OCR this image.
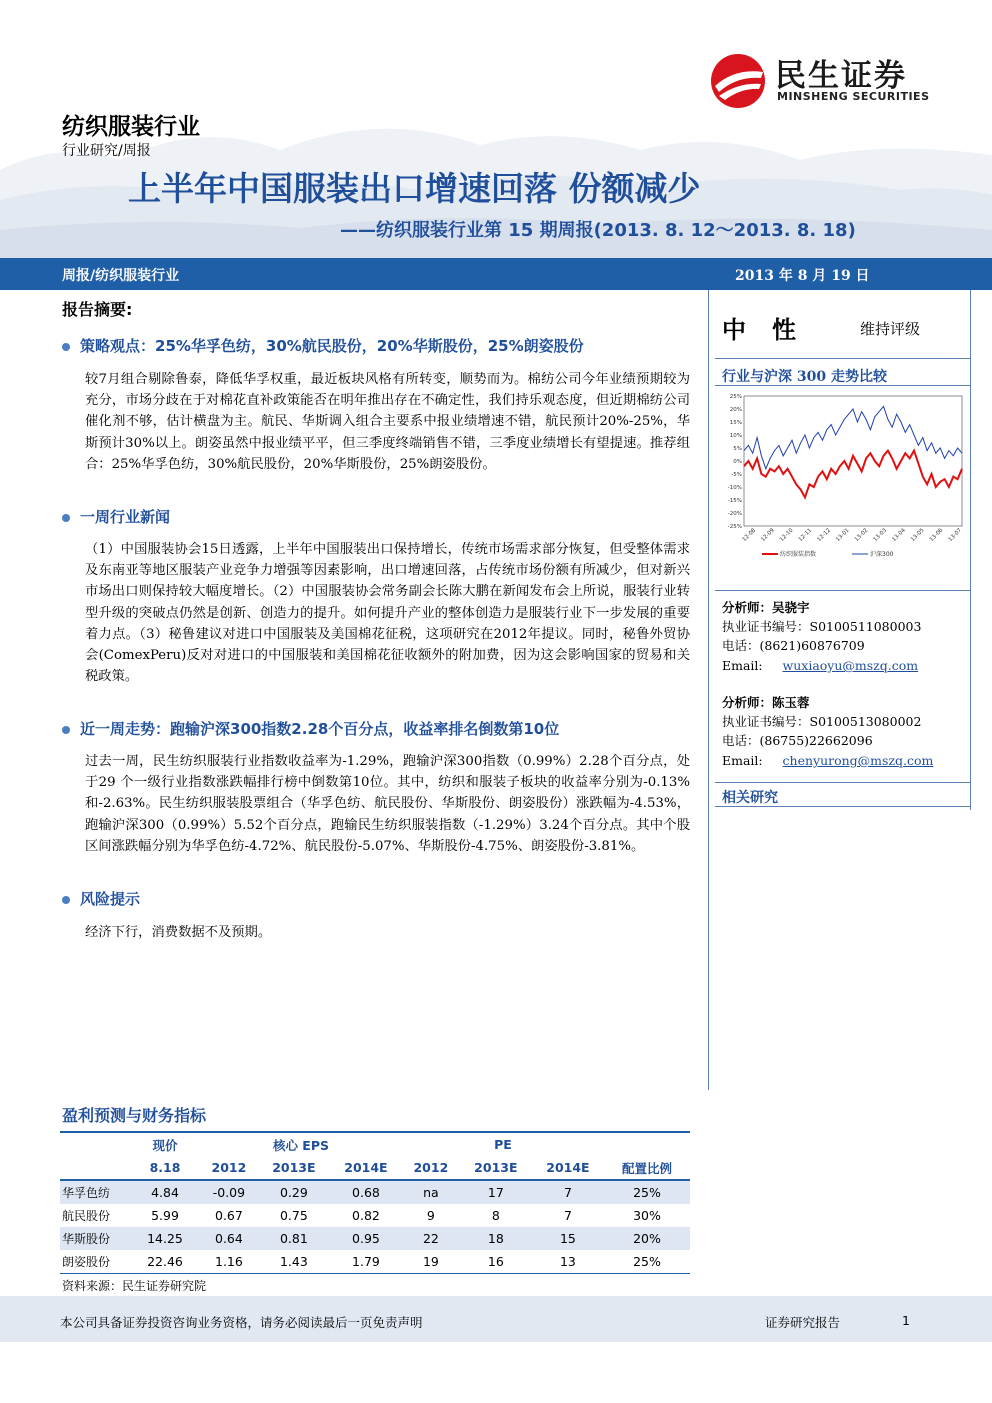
民生证券
MINSHENG SECURITIES
纺织服装行业
行业研究/周报
上半年中国服装出口增速回落 份额减少
——纺织服装行业第 15 期周报(2013. 8. 12～2013. 8. 18)
周报/纺织服装行业	2013 年 8 月 19 日
报告摘要:
策略观点：25%华孚色纺，30%航民股份，20%华斯股份，25%朗姿股份
较7月组合剔除鲁泰，降低华孚权重，最近板块风格有所转变，顺势而为。棉纺公司今年业绩预期较为充分，市场分歧在于对棉花直补政策能否在明年推出存在不确定性，我们持乐观态度，但近期棉纺公司催化剂不够，估计横盘为主。航民、华斯调入组合主要系中报业绩增速不错，航民预计20%-25%，华斯预计30%以上。朗姿虽然中报业绩平平，但三季度终端销售不错，三季度业绩增长有望提速。推荐组合：25%华孚色纺，30%航民股份，20%华斯股份，25%朗姿股份。
一周行业新闻
（1）中国服装协会15日透露，上半年中国服装出口保持增长，传统市场需求部分恢复，但受整体需求及东南亚等地区服装产业竞争力增强等因素影响，出口增速回落，占传统市场份额有所减少，但对新兴市场出口则保持较大幅度增长。（2）中国服装协会常务副会长陈大鹏在新闻发布会上所说，服装行业转型升级的突破点仍然是创新、创造力的提升。如何提升产业的整体创造力是服装行业下一步发展的重要着力点。（3）秘鲁建议对进口中国服装及美国棉花征税，这项研究在2012年提议。同时，秘鲁外贸协会(ComexPeru)反对对进口的中国服装和美国棉花征收额外的附加费，因为这会影响国家的贸易和关税政策。
近一周走势：跑输沪深300指数2.28个百分点，收益率排名倒数第10位
过去一周，民生纺织服装行业指数收益率为-1.29%，跑输沪深300指数（0.99%）2.28个百分点，处于29 个一级行业指数涨跌幅排行榜中倒数第10位。其中，纺织和服装子板块的收益率分别为-0.13%和-2.63%。民生纺织服装股票组合（华孚色纺、航民股份、华斯股份、朗姿股份）涨跌幅为-4.53%，跑输沪深300（0.99%）5.52个百分点，跑输民生纺织服装指数（-1.29%）3.24个百分点。其中个股区间涨跌幅分别为华孚色纺-4.72%、航民股份-5.07%、华斯股份-4.75%、朗姿股份-3.81%。
风险提示
经济下行，消费数据不及预期。
中性	维持评级
行业与沪深 300 走势比较
25%
20%
15%
10%
5%
0%
-5%
-10%
-15%
-20%
-25%
12-08 12-09 12-10 12-11 12-12 13-01 13-02 13-03 13-04 13-05 13-06 13-07
纺织服装指数	沪深300
分析师：吴骁宇
执业证书编号：S0100511080003
电话：(8621)60876709
Email: wuxiaoyu@mszq.com
分析师：陈玉蓉
执业证书编号：S0100513080002
电话：(86755)22662096
Email: chenyurong@mszq.com
相关研究
盈利预测与财务指标
	现价	核心 EPS			PE			
	8.18	2012	2013E	2014E	2012	2013E	2014E	配置比例
华孚色纺	4.84	-0.09	0.29	0.68	na	17	7	25%
航民股份	5.99	0.67	0.75	0.82	9	8	7	30%
华斯股份	14.25	0.64	0.81	0.95	22	18	15	20%
朗姿股份	22.46	1.16	1.43	1.79	19	16	13	25%
资料来源：民生证券研究院
本公司具备证券投资咨询业务资格，请务必阅读最后一页免责声明	证券研究报告	1
